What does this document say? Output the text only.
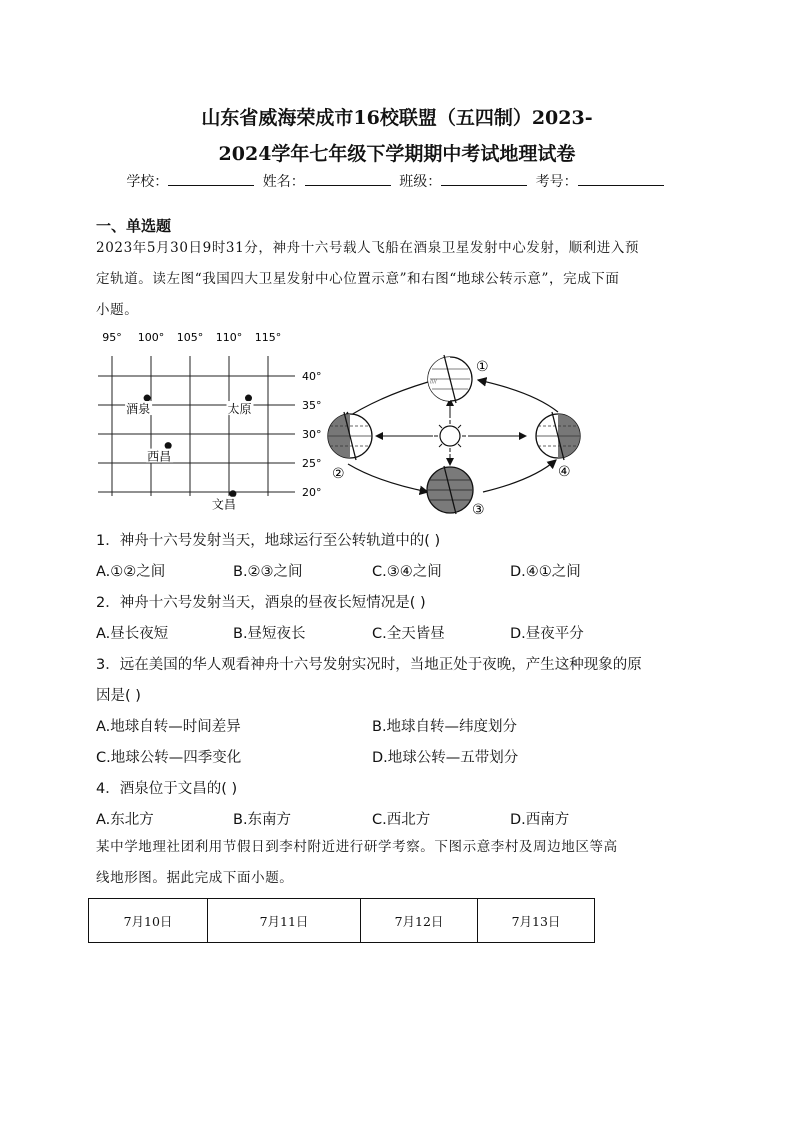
山东省威海荣成市16校联盟（五四制）2023-
2024学年七年级下学期期中考试地理试卷
学校：	姓名：	班级：	考号：
一、单选题
2023年5月30日9时31分，神舟十六号载人飞船在酒泉卫星发射中心发射，顺利进入预
定轨道。读左图“我国四大卫星发射中心位置示意”和右图“地球公转示意”，完成下面
小题。
95° 100° 105° 110° 115°
40°
35°
30°
25°
20°
酒泉	太原
西昌
文昌
////
①
②
③
④
1．神舟十六号发射当天，地球运行至公转轨道中的( )
A.①②之间	B.②③之间	C.③④之间	D.④①之间
2．神舟十六号发射当天，酒泉的昼夜长短情况是( )
A.昼长夜短	B.昼短夜长	C.全天皆昼	D.昼夜平分
3．远在美国的华人观看神舟十六号发射实况时，当地正处于夜晚，产生这种现象的原
因是( )
A.地球自转—时间差异	B.地球自转—纬度划分
C.地球公转—四季变化	D.地球公转—五带划分
4．酒泉位于文昌的( )
A.东北方	B.东南方	C.西北方	D.西南方
某中学地理社团利用节假日到李村附近进行研学考察。下图示意李村及周边地区等高
线地形图。据此完成下面小题。
7月10日	7月11日	7月12日	7月13日
